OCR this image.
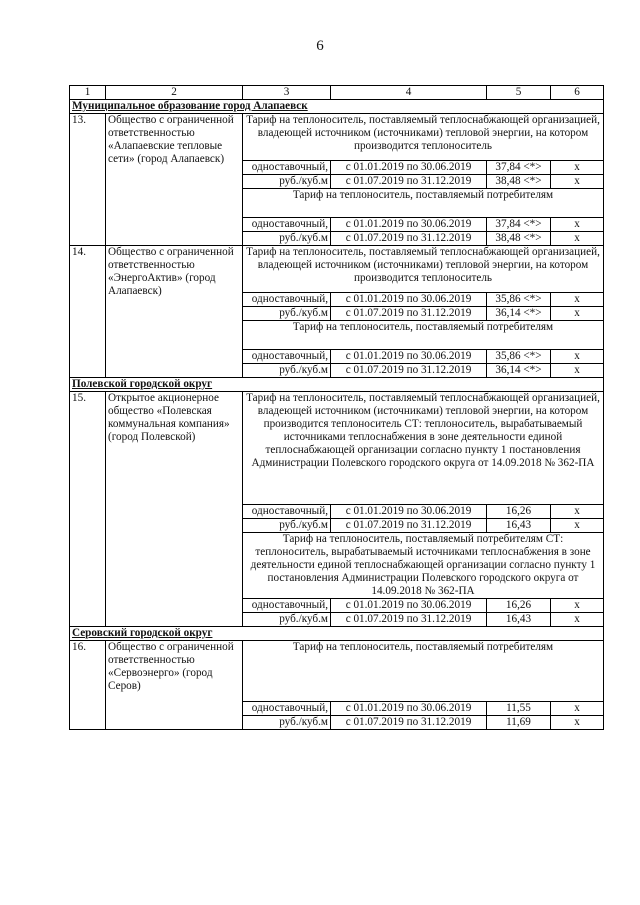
6
1	2	3	4	5	6
Муниципальное образование город Алапаевск					
13.	Общество с ограниченной ответственностью «Алапаевские тепловые сети» (город Алапаевск)	Тариф на теплоноситель, поставляемый теплоснабжающей организацией, владеющей источником (источниками) тепловой энергии, на котором производится теплоноситель			
		одноставочный,	с 01.01.2019 по 30.06.2019	37,84 <*>	х
		руб./куб.м	с 01.07.2019 по 31.12.2019	38,48 <*>	х
		Тариф на теплоноситель, поставляемый потребителям			
		одноставочный,	с 01.01.2019 по 30.06.2019	37,84 <*>	х
		руб./куб.м	с 01.07.2019 по 31.12.2019	38,48 <*>	х
14.	Общество с ограниченной ответственностью «ЭнергоАктив» (город Алапаевск)	Тариф на теплоноситель, поставляемый теплоснабжающей организацией, владеющей источником (источниками) тепловой энергии, на котором производится теплоноситель			
		одноставочный,	с 01.01.2019 по 30.06.2019	35,86 <*>	х
		руб./куб.м	с 01.07.2019 по 31.12.2019	36,14 <*>	х
		Тариф на теплоноситель, поставляемый потребителям			
		одноставочный,	с 01.01.2019 по 30.06.2019	35,86 <*>	х
		руб./куб.м	с 01.07.2019 по 31.12.2019	36,14 <*>	х
Полевской городской округ					
15.	Открытое акционерное общество «Полевская коммунальная компания» (город Полевской)	Тариф на теплоноситель, поставляемый теплоснабжающей организацией, владеющей источником (источниками) тепловой энергии, на котором производится теплоноситель СТ: теплоноситель, вырабатываемый источниками теплоснабжения в зоне деятельности единой теплоснабжающей организации согласно пункту 1 постановления Администрации Полевского городского округа от 14.09.2018 № 362-ПА			
		одноставочный,	с 01.01.2019 по 30.06.2019	16,26	х
		руб./куб.м	с 01.07.2019 по 31.12.2019	16,43	х
		Тариф на теплоноситель, поставляемый потребителям СТ: теплоноситель, вырабатываемый источниками теплоснабжения в зоне деятельности единой теплоснабжающей организации согласно пункту 1 постановления Администрации Полевского городского округа от 14.09.2018 № 362-ПА			
		одноставочный,	с 01.01.2019 по 30.06.2019	16,26	х
		руб./куб.м	с 01.07.2019 по 31.12.2019	16,43	х
Серовский городской округ					
16.	Общество с ограниченной ответственностью «Сервоэнерго» (город Серов)	Тариф на теплоноситель, поставляемый потребителям			
		одноставочный,	с 01.01.2019 по 30.06.2019	11,55	х
		руб./куб.м	с 01.07.2019 по 31.12.2019	11,69	х
